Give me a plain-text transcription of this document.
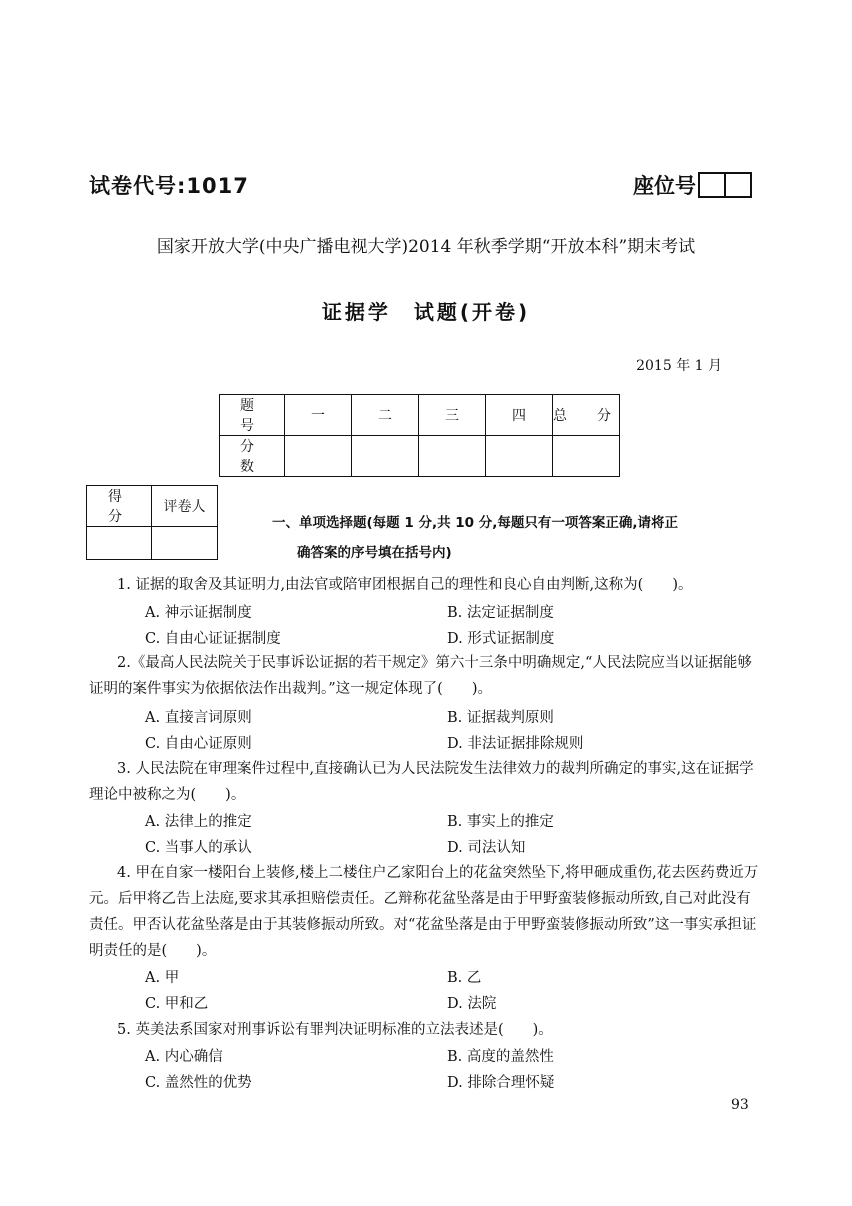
试卷代号:1017	座位号
国家开放大学(中央广播电视大学)2014 年秋季学期“开放本科”期末考试
证据学　试题(开卷)
2015 年 1 月
题　号	一	二	三	四	总　分
分　数					
得　分	评卷人

一、单项选择题(每题 1 分,共 10 分,每题只有一项答案正确,请将正
确答案的序号填在括号内)
1. 证据的取舍及其证明力,由法官或陪审团根据自己的理性和良心自由判断,这称为(　　)。
A. 神示证据制度	B. 法定证据制度
C. 自由心证证据制度	D. 形式证据制度
2.《最高人民法院关于民事诉讼证据的若干规定》第六十三条中明确规定,“人民法院应当以证据能够证明的案件事实为依据依法作出裁判。”这一规定体现了(　　)。
A. 直接言词原则	B. 证据裁判原则
C. 自由心证原则	D. 非法证据排除规则
3. 人民法院在审理案件过程中,直接确认已为人民法院发生法律效力的裁判所确定的事实,这在证据学理论中被称之为(　　)。
A. 法律上的推定	B. 事实上的推定
C. 当事人的承认	D. 司法认知
4. 甲在自家一楼阳台上装修,楼上二楼住户乙家阳台上的花盆突然坠下,将甲砸成重伤,花去医药费近万元。后甲将乙告上法庭,要求其承担赔偿责任。乙辩称花盆坠落是由于甲野蛮装修振动所致,自己对此没有责任。甲否认花盆坠落是由于其装修振动所致。对“花盆坠落是由于甲野蛮装修振动所致”这一事实承担证明责任的是(　　)。
A. 甲	B. 乙
C. 甲和乙	D. 法院
5. 英美法系国家对刑事诉讼有罪判决证明标准的立法表述是(　　)。
A. 内心确信	B. 高度的盖然性
C. 盖然性的优势	D. 排除合理怀疑
93
